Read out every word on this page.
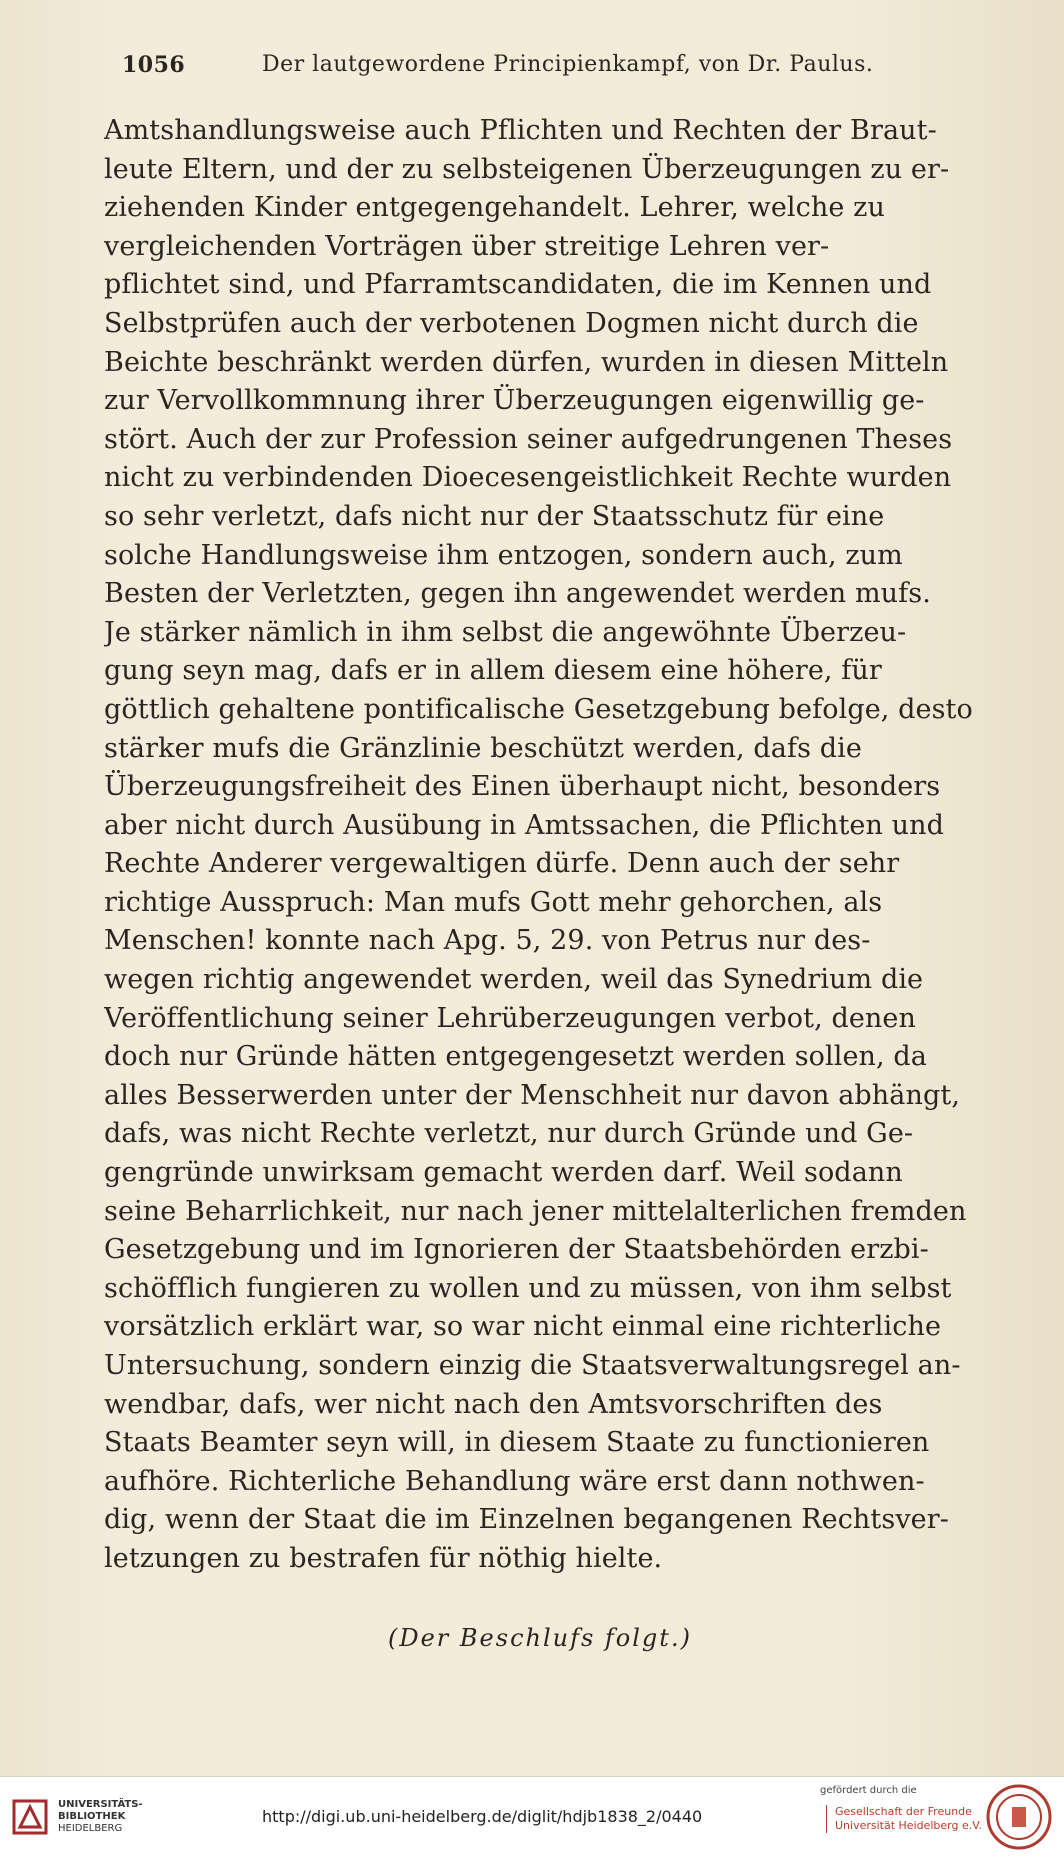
1056	Der lautgewordene Principienkampf, von Dr. Paulus.
Amtshandlungsweise auch Pflichten und Rechten der Braut-
leute Eltern, und der zu selbsteigenen Überzeugungen zu er-
ziehenden Kinder entgegengehandelt. Lehrer, welche zu
vergleichenden Vorträgen über streitige Lehren ver-
pflichtet sind, und Pfarramtscandidaten, die im Kennen und
Selbstprüfen auch der verbotenen Dogmen nicht durch die
Beichte beschränkt werden dürfen, wurden in diesen Mitteln
zur Vervollkommnung ihrer Überzeugungen eigenwillig ge-
stört. Auch der zur Profession seiner aufgedrungenen Theses
nicht zu verbindenden Dioecesengeistlichkeit Rechte wurden
so sehr verletzt, dafs nicht nur der Staatsschutz für eine
solche Handlungsweise ihm entzogen, sondern auch, zum
Besten der Verletzten, gegen ihn angewendet werden mufs.
Je stärker nämlich in ihm selbst die angewöhnte Überzeu-
gung seyn mag, dafs er in allem diesem eine höhere, für
göttlich gehaltene pontificalische Gesetzgebung befolge, desto
stärker mufs die Gränzlinie beschützt werden, dafs die
Überzeugungsfreiheit des Einen überhaupt nicht, besonders
aber nicht durch Ausübung in Amtssachen, die Pflichten und
Rechte Anderer vergewaltigen dürfe. Denn auch der sehr
richtige Ausspruch: Man mufs Gott mehr gehorchen, als
Menschen! konnte nach Apg. 5, 29. von Petrus nur des-
wegen richtig angewendet werden, weil das Synedrium die
Veröffentlichung seiner Lehrüberzeugungen verbot, denen
doch nur Gründe hätten entgegengesetzt werden sollen, da
alles Besserwerden unter der Menschheit nur davon abhängt,
dafs, was nicht Rechte verletzt, nur durch Gründe und Ge-
gengründe unwirksam gemacht werden darf. Weil sodann
seine Beharrlichkeit, nur nach jener mittelalterlichen fremden
Gesetzgebung und im Ignorieren der Staatsbehörden erzbi-
schöfflich fungieren zu wollen und zu müssen, von ihm selbst
vorsätzlich erklärt war, so war nicht einmal eine richterliche
Untersuchung, sondern einzig die Staatsverwaltungsregel an-
wendbar, dafs, wer nicht nach den Amtsvorschriften des
Staats Beamter seyn will, in diesem Staate zu functionieren
aufhöre. Richterliche Behandlung wäre erst dann nothwen-
dig, wenn der Staat die im Einzelnen begangenen Rechtsver-
letzungen zu bestrafen für nöthig hielte.
(Der Beschlufs folgt.)
UNIVERSITÄTS-
BIBLIOTHEK
HEIDELBERG
http://digi.ub.uni-heidelberg.de/diglit/hdjb1838_2/0440
gefördert durch die
Gesellschaft der Freunde
Universität Heidelberg e.V.
